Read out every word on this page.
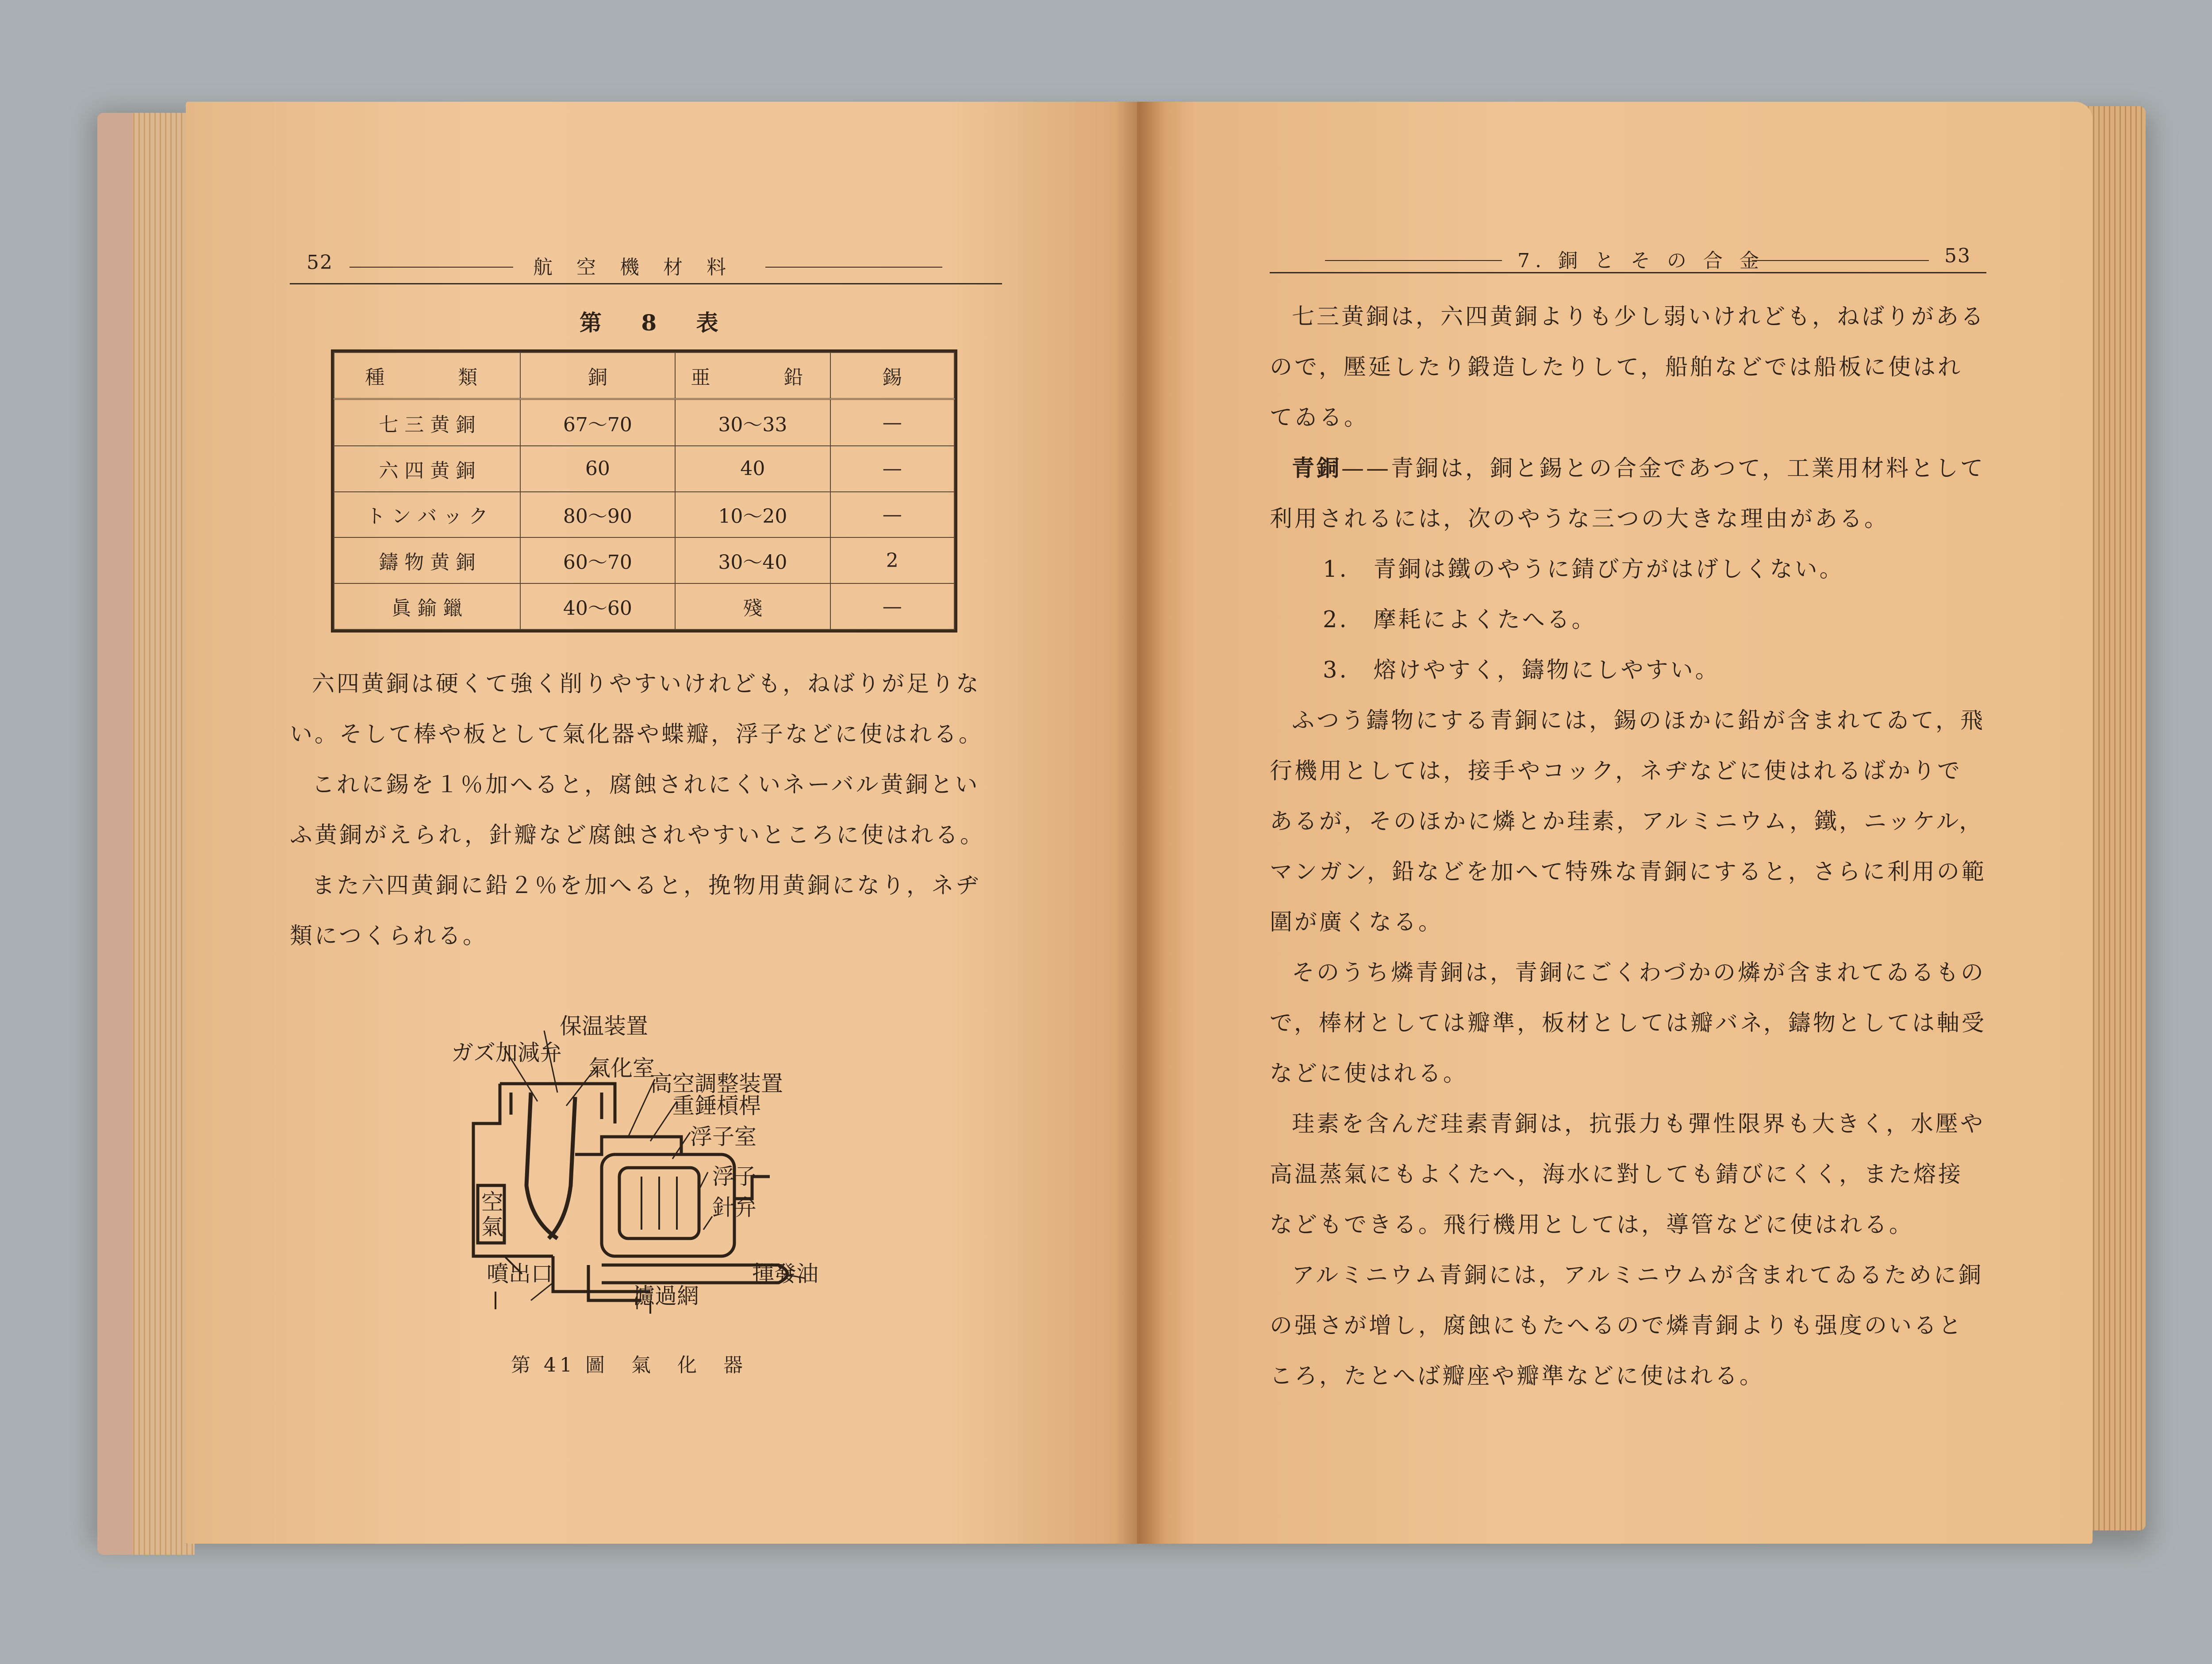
52	航 空 機 材 料
第 8 表
種　　類	銅	亜　　鉛	錫
七 三 黄 銅	67～70	30～33	—
六 四 黄 銅	60	40	—
ト ン バ ッ ク	80～90	10～20	—
鑄 物 黄 銅	60～70	30～40	2
眞 鍮 鑞	40～60	殘	—

六四黄銅は硬くて強く削りやすいけれども，ねばりが足りない。そして棒や板として氣化器や蝶瓣，浮子などに使はれる。

これに錫を１％加へると，腐蝕されにくいネーバル黄銅といふ黄銅がえられ，針瓣など腐蝕されやすいところに使はれる。

また六四黄銅に鉛２％を加へると，挽物用黄銅になり，ネヂ類につくられる。

保温装置
ガズ加減弁
氣化室
高空調整装置
重錘槓桿
浮子室
浮子
針弁
空氣
噴出口
濾過網
揮發油
第 41 圖　氣　化　器
7. 銅 と そ の 合 金	53

七三黄銅は，六四黄銅よりも少し弱いけれども，ねばりがあるので，壓延したり鍛造したりして，船舶などでは船板に使はれてゐる。

青銅——青銅は，銅と錫との合金であつて，工業用材料として利用されるには，次のやうな三つの大きな理由がある。

1.　青銅は鐵のやうに錆び方がはげしくない。

2.　摩耗によくたへる。

3.　熔けやすく，鑄物にしやすい。

ふつう鑄物にする青銅には，錫のほかに鉛が含まれてゐて，飛行機用としては，接手やコック，ネヂなどに使はれるばかりであるが，そのほかに燐とか珪素，アルミニウム，鐵，ニッケル，マンガン，鉛などを加へて特殊な青銅にすると，さらに利用の範圍が廣くなる。

そのうち燐青銅は，青銅にごくわづかの燐が含まれてゐるもので，棒材としては瓣準，板材としては瓣バネ，鑄物としては軸受などに使はれる。

珪素を含んだ珪素青銅は，抗張力も彈性限界も大きく，水壓や高温蒸氣にもよくたへ，海水に對しても錆びにくく，また熔接などもできる。飛行機用としては，導管などに使はれる。

アルミニウム青銅には，アルミニウムが含まれてゐるために銅の强さが增し，腐蝕にもたへるので燐青銅よりも强度のいるところ，たとへば瓣座や瓣準などに使はれる。
